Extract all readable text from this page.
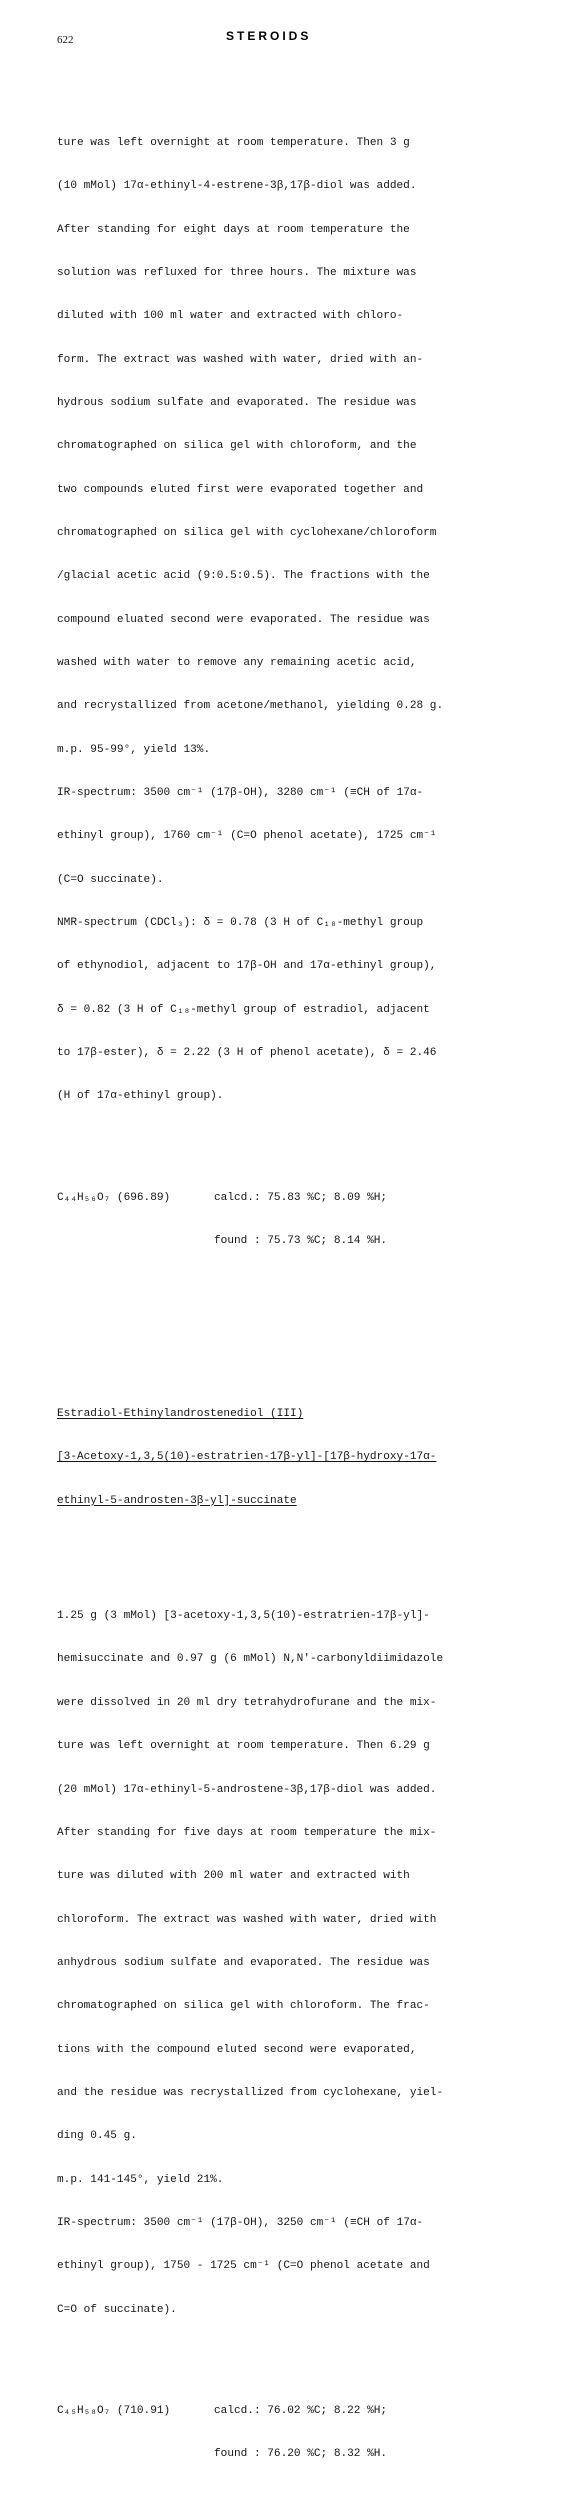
622	STEROIDS

ture was left overnight at room temperature. Then 3 g

(10 mMol) 17α-ethinyl-4-estrene-3β,17β-diol was added.

After standing for eight days at room temperature the

solution was refluxed for three hours. The mixture was

diluted with 100 ml water and extracted with chloro-

form. The extract was washed with water, dried with an-

hydrous sodium sulfate and evaporated. The residue was

chromatographed on silica gel with chloroform, and the

two compounds eluted first were evaporated together and

chromatographed on silica gel with cyclohexane/chloroform

/glacial acetic acid (9:0.5:0.5). The fractions with the

compound eluated second were evaporated. The residue was

washed with water to remove any remaining acetic acid,

and recrystallized from acetone/methanol, yielding 0.28 g.

m.p. 95-99°, yield 13%.

IR-spectrum: 3500 cm⁻¹ (17β-OH), 3280 cm⁻¹ (≡CH of 17α-

ethinyl group), 1760 cm⁻¹ (C=O phenol acetate), 1725 cm⁻¹

(C=O succinate).

NMR-spectrum (CDCl₃): δ = 0.78 (3 H of C₁₈-methyl group

of ethynodiol, adjacent to 17β-OH and 17α-ethinyl group),

δ = 0.82 (3 H of C₁₈-methyl group of estradiol, adjacent

to 17β-ester), δ = 2.22 (3 H of phenol acetate), δ = 2.46

(H of 17α-ethinyl group).

C₄₄H₅₆O₇ (696.89)	calcd.: 75.83 %C; 8.09 %H;

found : 75.73 %C; 8.14 %H.

Estradiol-Ethinylandrostenediol (III)

[3-Acetoxy-1,3,5(10)-estratrien-17β-yl]-[17β-hydroxy-17α-

ethinyl-5-androsten-3β-yl]-succinate

1.25 g (3 mMol) [3-acetoxy-1,3,5(10)-estratrien-17β-yl]-

hemisuccinate and 0.97 g (6 mMol) N,N'-carbonyldiimidazole

were dissolved in 20 ml dry tetrahydrofurane and the mix-

ture was left overnight at room temperature. Then 6.29 g

(20 mMol) 17α-ethinyl-5-androstene-3β,17β-diol was added.

After standing for five days at room temperature the mix-

ture was diluted with 200 ml water and extracted with

chloroform. The extract was washed with water, dried with

anhydrous sodium sulfate and evaporated. The residue was

chromatographed on silica gel with chloroform. The frac-

tions with the compound eluted second were evaporated,

and the residue was recrystallized from cyclohexane, yiel-

ding 0.45 g.

m.p. 141-145°, yield 21%.

IR-spectrum: 3500 cm⁻¹ (17β-OH), 3250 cm⁻¹ (≡CH of 17α-

ethinyl group), 1750 - 1725 cm⁻¹ (C=O phenol acetate and

C=O of succinate).

C₄₅H₅₈O₇ (710.91)	calcd.: 76.02 %C; 8.22 %H;

found : 76.20 %C; 8.32 %H.
